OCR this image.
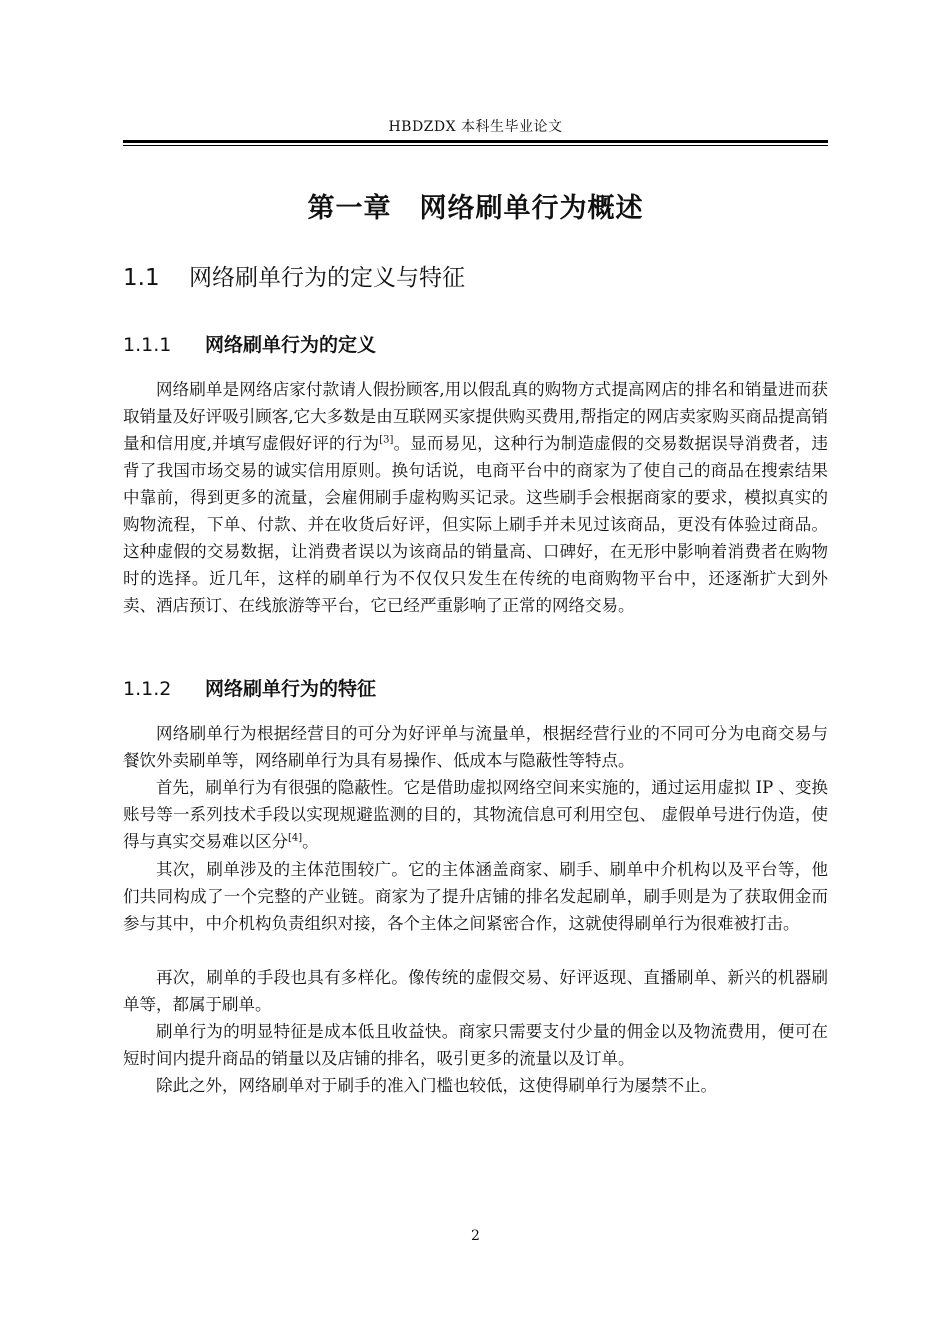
HBDZDX 本科生毕业论文
第一章　网络刷单行为概述
1.1 网络刷单行为的定义与特征
1.1.1 网络刷单行为的定义

网络刷单是网络店家付款请人假扮顾客,用以假乱真的购物方式提高网店的排名和销量进而获取销量及好评吸引顾客,它大多数是由互联网买家提供购买费用,帮指定的网店卖家购买商品提高销量和信用度,并填写虚假好评的行为[3]。显而易见，这种行为制造虚假的交易数据误导消费者，违背了我国市场交易的诚实信用原则。换句话说，电商平台中的商家为了使自己的商品在搜索结果中靠前，得到更多的流量，会雇佣刷手虚构购买记录。这些刷手会根据商家的要求，模拟真实的购物流程，下单、付款、并在收货后好评，但实际上刷手并未见过该商品，更没有体验过商品。这种虚假的交易数据，让消费者误以为该商品的销量高、口碑好，在无形中影响着消费者在购物时的选择。近几年，这样的刷单行为不仅仅只发生在传统的电商购物平台中，还逐渐扩大到外卖、酒店预订、在线旅游等平台，它已经严重影响了正常的网络交易。

1.1.2 网络刷单行为的特征

网络刷单行为根据经营目的可分为好评单与流量单，根据经营行业的不同可分为电商交易与餐饮外卖刷单等，网络刷单行为具有易操作、低成本与隐蔽性等特点。

首先，刷单行为有很强的隐蔽性。它是借助虚拟网络空间来实施的，通过运用虚拟 IP 、变换账号等一系列技术手段以实现规避监测的目的，其物流信息可利用空包、 虚假单号进行伪造，使得与真实交易难以区分[4]。

其次，刷单涉及的主体范围较广。它的主体涵盖商家、刷手、刷单中介机构以及平台等，他们共同构成了一个完整的产业链。商家为了提升店铺的排名发起刷单，刷手则是为了获取佣金而参与其中，中介机构负责组织对接，各个主体之间紧密合作，这就使得刷单行为很难被打击。

再次，刷单的手段也具有多样化。像传统的虚假交易、好评返现、直播刷单、新兴的机器刷单等，都属于刷单。

刷单行为的明显特征是成本低且收益快。商家只需要支付少量的佣金以及物流费用，便可在短时间内提升商品的销量以及店铺的排名，吸引更多的流量以及订单。

除此之外，网络刷单对于刷手的准入门槛也较低，这使得刷单行为屡禁不止。

2
